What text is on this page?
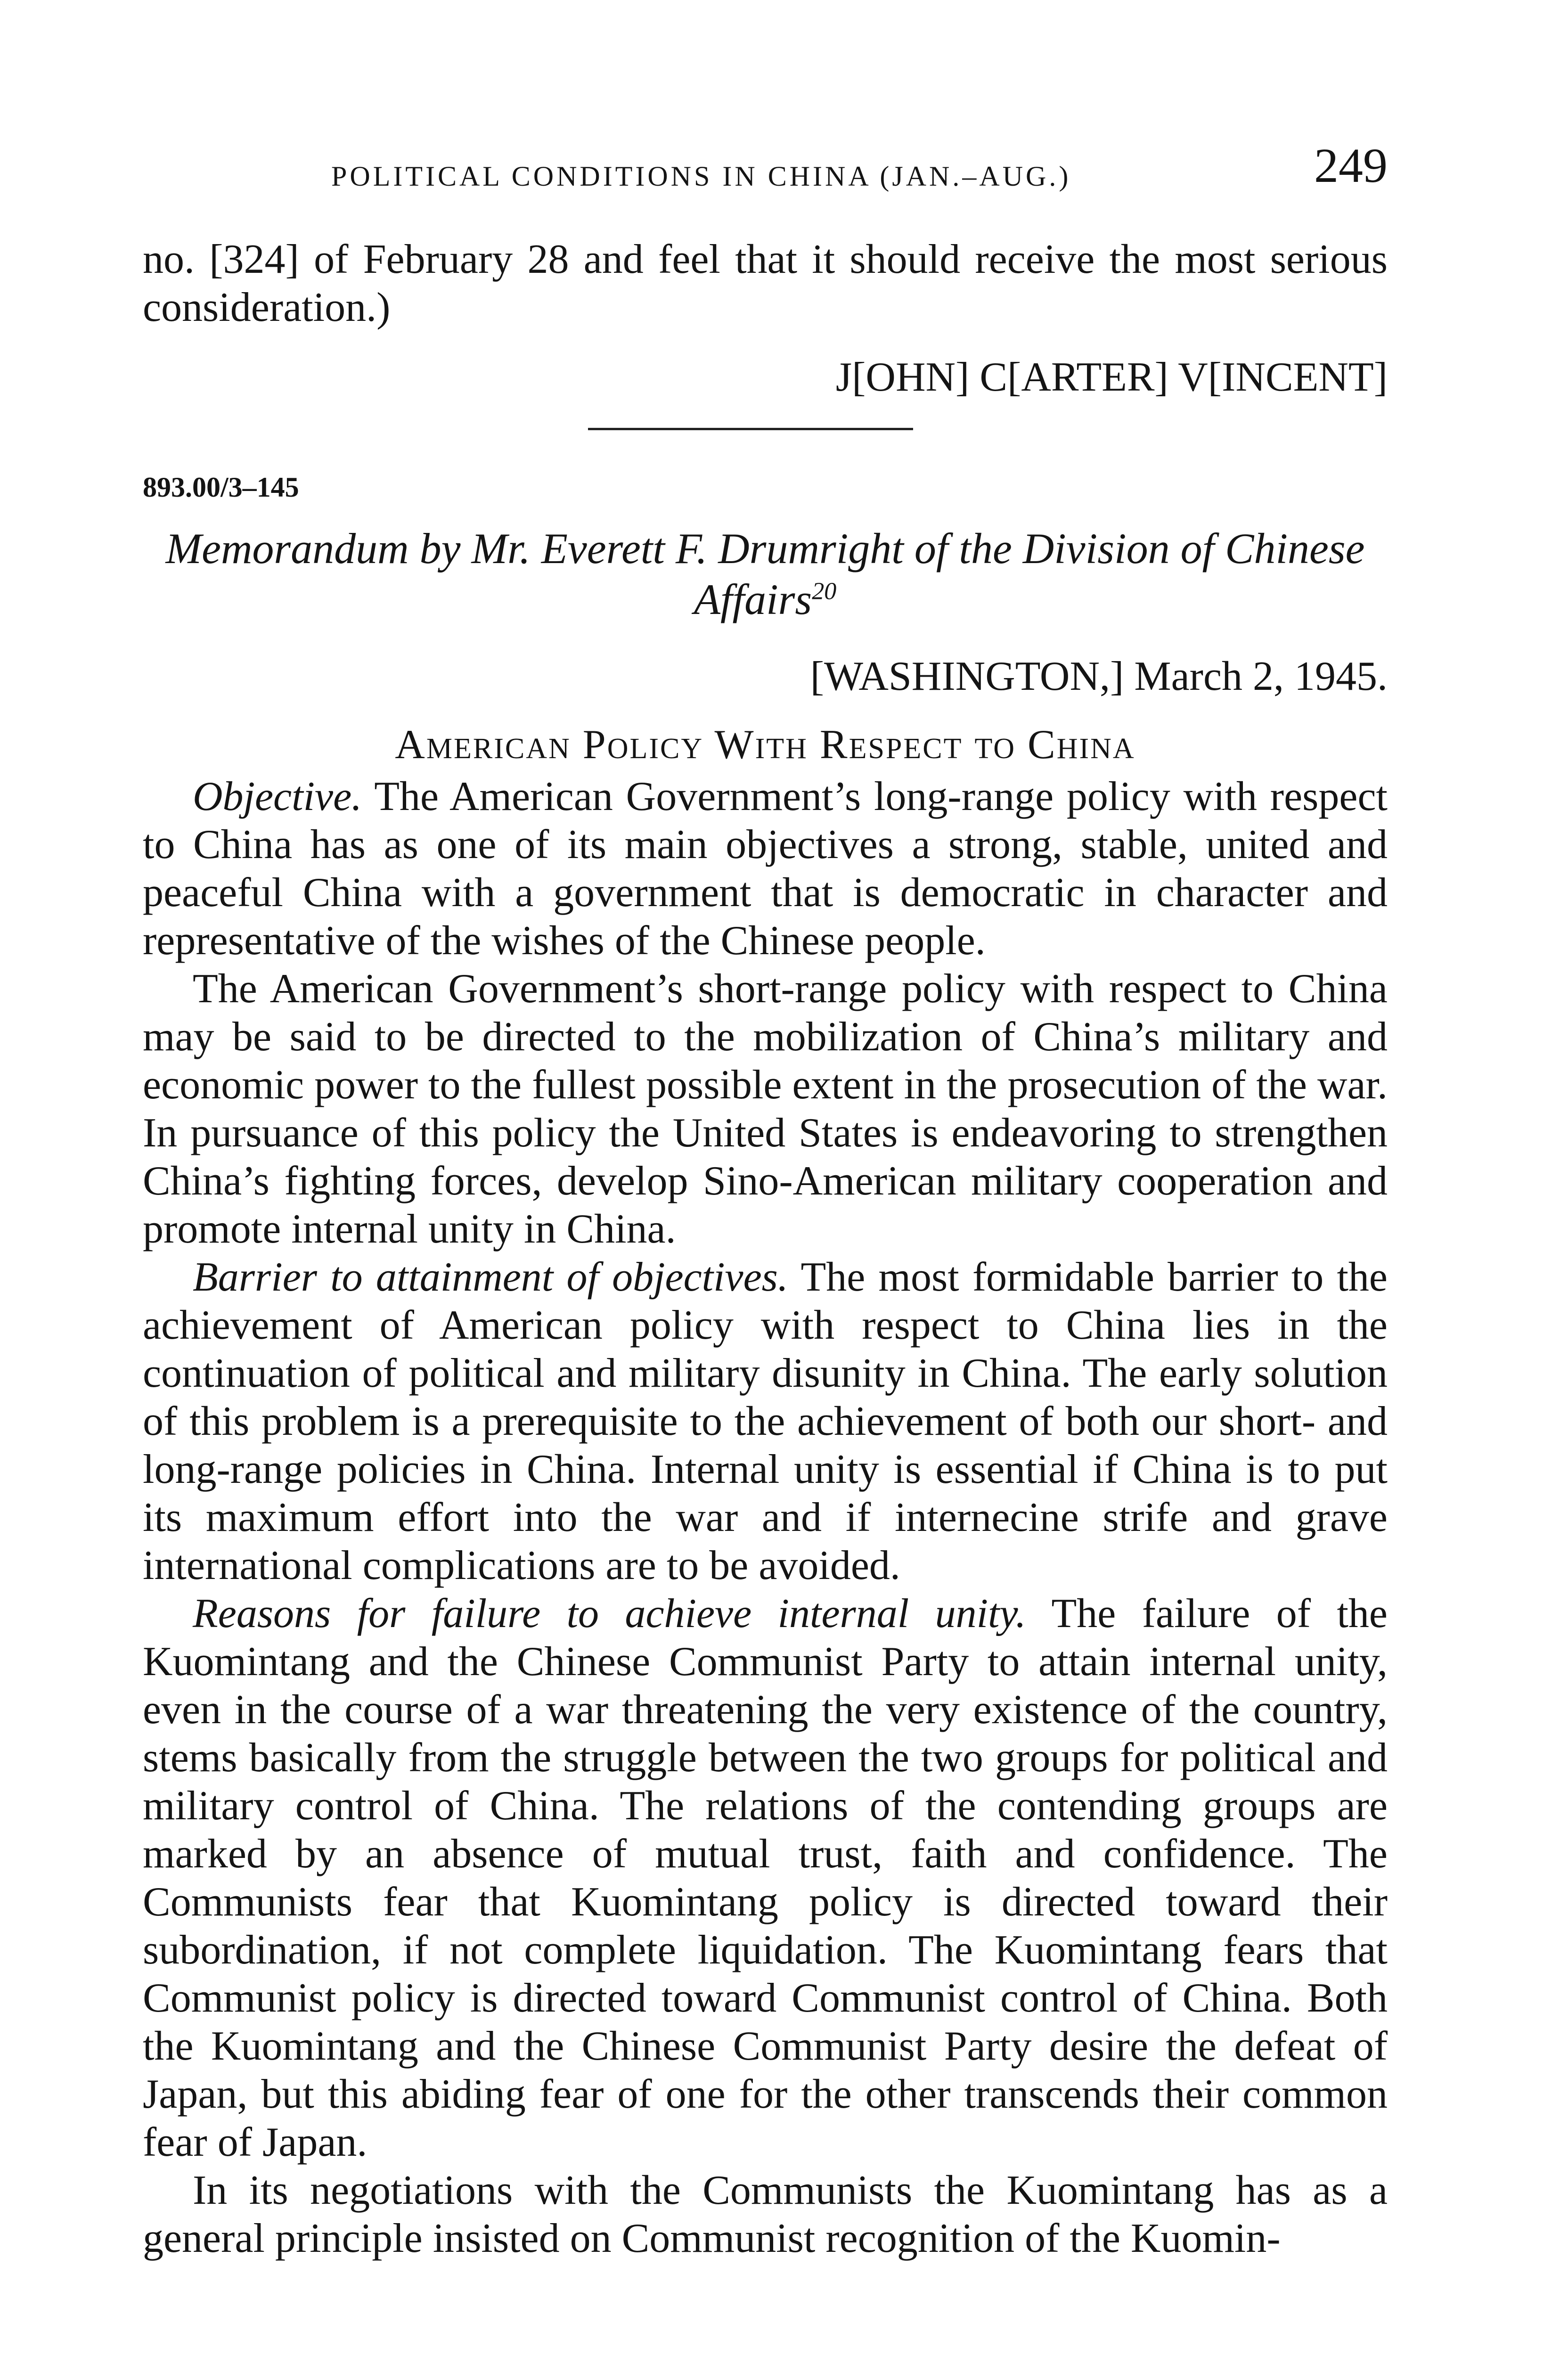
POLITICAL CONDITIONS IN CHINA (JAN.–AUG.)	249

no. [324] of February 28 and feel that it should receive the most serious consideration.)

J[OHN] C[ARTER] V[INCENT]
893.00/3–145
Memorandum by Mr. Everett F. Drumright of the Division of Chinese Affairs$^{20}$
[WASHINGTON,] March 2, 1945.
American Policy With Respect to China

Objective. The American Government’s long-range policy with respect to China has as one of its main objectives a strong, stable, united and peaceful China with a government that is democratic in character and representative of the wishes of the Chinese people.

The American Government’s short-range policy with respect to China may be said to be directed to the mobilization of China’s military and economic power to the fullest possible extent in the prosecution of the war. In pursuance of this policy the United States is endeavoring to strengthen China’s fighting forces, develop Sino-American military cooperation and promote internal unity in China.

Barrier to attainment of objectives. The most formidable barrier to the achievement of American policy with respect to China lies in the continuation of political and military disunity in China. The early solution of this problem is a prerequisite to the achievement of both our short- and long-range policies in China. Internal unity is essential if China is to put its maximum effort into the war and if internecine strife and grave international complications are to be avoided.

Reasons for failure to achieve internal unity. The failure of the Kuomintang and the Chinese Communist Party to attain internal unity, even in the course of a war threatening the very existence of the country, stems basically from the struggle between the two groups for political and military control of China. The relations of the contending groups are marked by an absence of mutual trust, faith and confidence. The Communists fear that Kuomintang policy is directed toward their subordination, if not complete liquidation. The Kuomintang fears that Communist policy is directed toward Communist control of China. Both the Kuomintang and the Chinese Communist Party desire the defeat of Japan, but this abiding fear of one for the other transcends their common fear of Japan.

In its negotiations with the Communists the Kuomintang has as a general principle insisted on Communist recognition of the Kuomin-
